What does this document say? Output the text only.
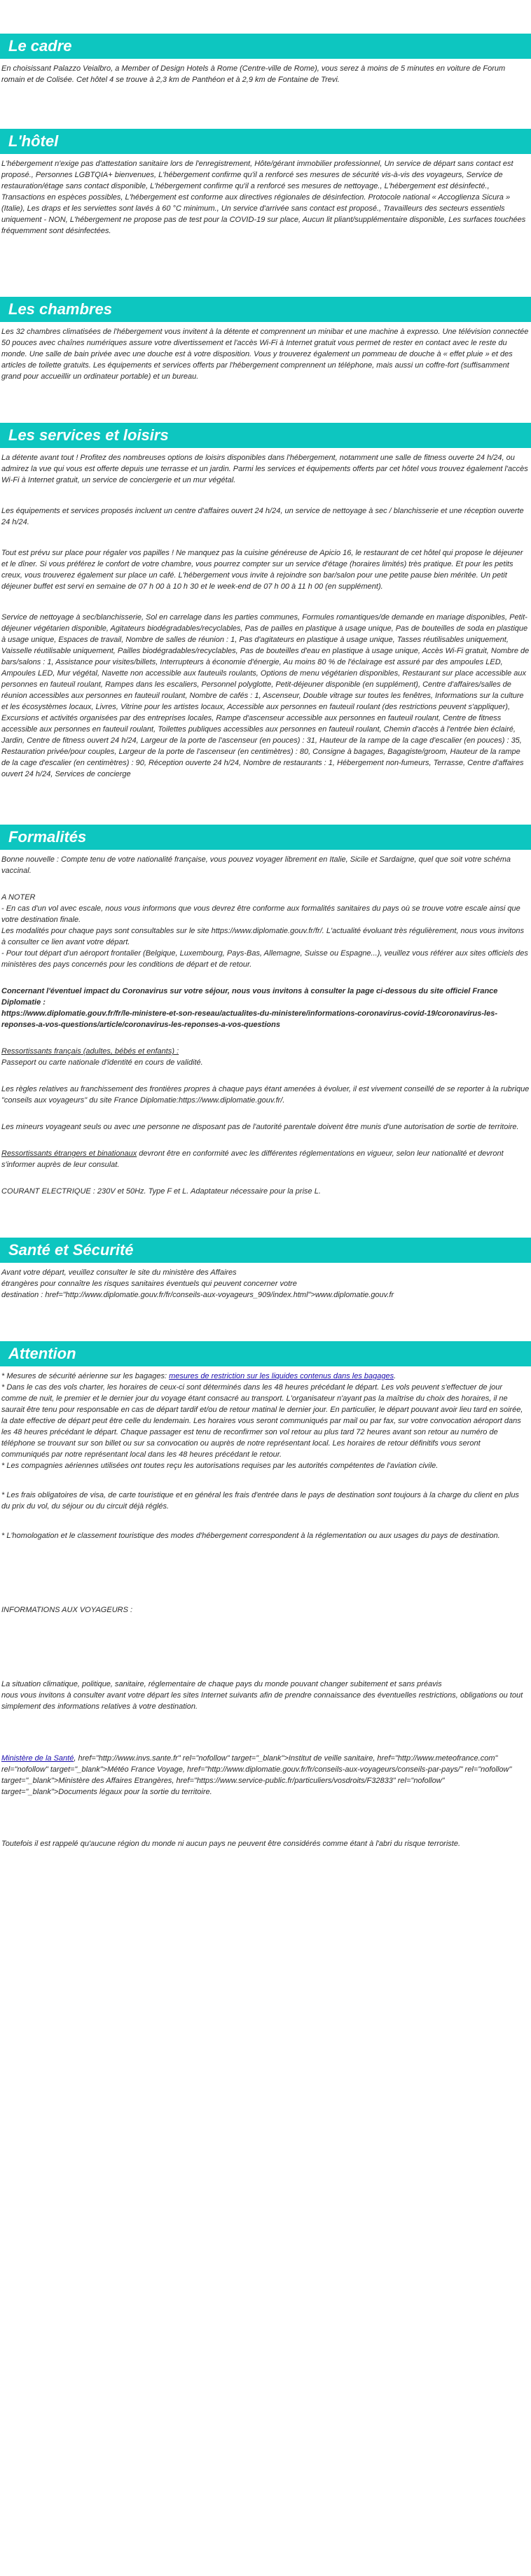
Le cadre

En choisissant Palazzo Veialbro, a Member of Design Hotels à Rome (Centre-ville de Rome), vous serez à moins de 5 minutes en voiture de Forum romain et de Colisée. Cet hôtel 4 se trouve à 2,3 km de Panthéon et à 2,9 km de Fontaine de Trevi.

L'hôtel

L'hébergement n'exige pas d'attestation sanitaire lors de l'enregistrement, Hôte/gérant immobilier professionnel, Un service de départ sans contact est proposé., Personnes LGBTQIA+ bienvenues, L'hébergement confirme qu'il a renforcé ses mesures de sécurité vis-à-vis des voyageurs, Service de restauration/étage sans contact disponible, L'hébergement confirme qu'il a renforcé ses mesures de nettoyage., L'hébergement est désinfecté., Transactions en espèces possibles, L'hébergement est conforme aux directives régionales de désinfection. Protocole national « Accoglienza Sicura » (Italie), Les draps et les serviettes sont lavés à 60 °C minimum., Un service d'arrivée sans contact est proposé., Travailleurs des secteurs essentiels uniquement - NON, L'hébergement ne propose pas de test pour la COVID-19 sur place, Aucun lit pliant/supplémentaire disponible, Les surfaces touchées fréquemment sont désinfectées.

Les chambres

Les 32 chambres climatisées de l'hébergement vous invitent à la détente et comprennent un minibar et une machine à expresso. Une télévision connectée 50 pouces avec chaînes numériques assure votre divertissement et l'accès Wi-Fi à Internet gratuit vous permet de rester en contact avec le reste du monde. Une salle de bain privée avec une douche est à votre disposition. Vous y trouverez également un pommeau de douche à « effet pluie » et des articles de toilette gratuits. Les équipements et services offerts par l'hébergement comprennent un téléphone, mais aussi un coffre-fort (suffisamment grand pour accueillir un ordinateur portable) et un bureau.

Les services et loisirs

La détente avant tout ! Profitez des nombreuses options de loisirs disponibles dans l'hébergement, notamment une salle de fitness ouverte 24 h/24, ou admirez la vue qui vous est offerte depuis une terrasse et un jardin. Parmi les services et équipements offerts par cet hôtel vous trouvez également l'accès Wi-Fi à Internet gratuit, un service de conciergerie et un mur végétal.

Les équipements et services proposés incluent un centre d'affaires ouvert 24 h/24, un service de nettoyage à sec / blanchisserie et une réception ouverte 24 h/24.

Tout est prévu sur place pour régaler vos papilles ! Ne manquez pas la cuisine généreuse de Apicio 16, le restaurant de cet hôtel qui propose le déjeuner et le dîner. Si vous préférez le confort de votre chambre, vous pourrez compter sur un service d'étage (horaires limités) très pratique. Et pour les petits creux, vous trouverez également sur place un café. L'hébergement vous invite à rejoindre son bar/salon pour une petite pause bien méritée. Un petit déjeuner buffet est servi en semaine de 07 h 00 à 10 h 30 et le week-end de 07 h 00 à 11 h 00 (en supplément).

Service de nettoyage à sec/blanchisserie, Sol en carrelage dans les parties communes, Formules romantiques/de demande en mariage disponibles, Petit-déjeuner végétarien disponible, Agitateurs biodégradables/recyclables, Pas de pailles en plastique à usage unique, Pas de bouteilles de soda en plastique à usage unique, Espaces de travail, Nombre de salles de réunion : 1, Pas d'agitateurs en plastique à usage unique, Tasses réutilisables uniquement, Vaisselle réutilisable uniquement, Pailles biodégradables/recyclables, Pas de bouteilles d'eau en plastique à usage unique, Accès Wi-Fi gratuit, Nombre de bars/salons : 1, Assistance pour visites/billets, Interrupteurs à économie d'énergie, Au moins 80 % de l'éclairage est assuré par des ampoules LED, Ampoules LED, Mur végétal, Navette non accessible aux fauteuils roulants, Options de menu végétarien disponibles, Restaurant sur place accessible aux personnes en fauteuil roulant, Rampes dans les escaliers, Personnel polyglotte, Petit-déjeuner disponible (en supplément), Centre d'affaires/salles de réunion accessibles aux personnes en fauteuil roulant, Nombre de cafés : 1, Ascenseur, Double vitrage sur toutes les fenêtres, Informations sur la culture et les écosystèmes locaux, Livres, Vitrine pour les artistes locaux, Accessible aux personnes en fauteuil roulant (des restrictions peuvent s'appliquer), Excursions et activités organisées par des entreprises locales, Rampe d'ascenseur accessible aux personnes en fauteuil roulant, Centre de fitness accessible aux personnes en fauteuil roulant, Toilettes publiques accessibles aux personnes en fauteuil roulant, Chemin d'accès à l'entrée bien éclairé, Jardin, Centre de fitness ouvert 24 h/24, Largeur de la porte de l'ascenseur (en pouces) : 31, Hauteur de la rampe de la cage d'escalier (en pouces) : 35, Restauration privée/pour couples, Largeur de la porte de l'ascenseur (en centimètres) : 80, Consigne à bagages, Bagagiste/groom, Hauteur de la rampe de la cage d'escalier (en centimètres) : 90, Réception ouverte 24 h/24, Nombre de restaurants : 1, Hébergement non-fumeurs, Terrasse, Centre d'affaires ouvert 24 h/24, Services de concierge

Formalités

Bonne nouvelle : Compte tenu de votre nationalité française, vous pouvez voyager librement en Italie, Sicile et Sardaigne, quel que soit votre schéma vaccinal.

A NOTER
- En cas d'un vol avec escale, nous vous informons que vous devrez être conforme aux formalités sanitaires du pays où se trouve votre escale ainsi que votre destination finale.
Les modalités pour chaque pays sont consultables sur le site https://www.diplomatie.gouv.fr/fr/. L'actualité évoluant très régulièrement, nous vous invitons à consulter ce lien avant votre départ.
- Pour tout départ d'un aéroport frontalier (Belgique, Luxembourg, Pays-Bas, Allemagne, Suisse ou Espagne...), veuillez vous référer aux sites officiels des ministères des pays concernés pour les conditions de départ et de retour.

Concernant l'éventuel impact du Coronavirus sur votre séjour, nous vous invitons à consulter la page ci-dessous du site officiel France Diplomatie :
https://www.diplomatie.gouv.fr/fr/le-ministere-et-son-reseau/actualites-du-ministere/informations-coronavirus-covid-19/coronavirus-les-reponses-a-vos-questions/article/coronavirus-les-reponses-a-vos-questions

Ressortissants français (adultes, bébés et enfants) :
Passeport ou carte nationale d'identité en cours de validité.

Les règles relatives au franchissement des frontières propres à chaque pays étant amenées à évoluer, il est vivement conseillé de se reporter à la rubrique "conseils aux voyageurs" du site France Diplomatie:https://www.diplomatie.gouv.fr/.

Les mineurs voyageant seuls ou avec une personne ne disposant pas de l'autorité parentale doivent être munis d'une autorisation de sortie de territoire.

Ressortissants étrangers et binationaux devront être en conformité avec les différentes réglementations en vigueur, selon leur nationalité et devront s'informer auprès de leur consulat.

COURANT ELECTRIQUE : 230V et 50Hz. Type F et L. Adaptateur nécessaire pour la prise L.

Santé et Sécurité

Avant votre départ, veuillez consulter le site du ministère des Affaires
étrangères pour connaître les risques sanitaires éventuels qui peuvent concerner votre
destination : href="http://www.diplomatie.gouv.fr/fr/conseils-aux-voyageurs_909/index.html">www.diplomatie.gouv.fr

Attention

* Mesures de sécurité aérienne sur les bagages: mesures de restriction sur les liquides contenus dans les bagages.

* Dans le cas des vols charter, les horaires de ceux-ci sont déterminés dans les 48 heures précédant le départ. Les vols peuvent s'effectuer de jour comme de nuit, le premier et le dernier jour du voyage étant consacré au transport. L'organisateur n'ayant pas la maîtrise du choix des horaires, il ne saurait être tenu pour responsable en cas de départ tardif et/ou de retour matinal le dernier jour. En particulier, le départ pouvant avoir lieu tard en soirée, la date effective de départ peut être celle du lendemain. Les horaires vous seront communiqués par mail ou par fax, sur votre convocation aéroport dans les 48 heures précédant le départ. Chaque passager est tenu de reconfirmer son vol retour au plus tard 72 heures avant son retour au numéro de téléphone se trouvant sur son billet ou sur sa convocation ou auprès de notre représentant local. Les horaires de retour définitifs vous seront communiqués par notre représentant local dans les 48 heures précédant le retour.
* Les compagnies aériennes utilisées ont toutes reçu les autorisations requises par les autorités compétentes de l'aviation civile.

* Les frais obligatoires de visa, de carte touristique et en général les frais d'entrée dans le pays de destination sont toujours à la charge du client en plus du prix du vol, du séjour ou du circuit déjà réglés.

* L'homologation et le classement touristique des modes d'hébergement correspondent à la réglementation ou aux usages du pays de destination.

INFORMATIONS AUX VOYAGEURS :

La situation climatique, politique, sanitaire, réglementaire de chaque pays du monde pouvant changer subitement et sans préavis
nous vous invitons à consulter avant votre départ les sites Internet suivants afin de prendre connaissance des éventuelles restrictions, obligations ou tout simplement des informations relatives à votre destination.

Ministère de la Santé, href="http://www.invs.sante.fr" rel="nofollow" target="_blank">Institut de veille sanitaire, href="http://www.meteofrance.com" rel="nofollow" target="_blank">Météo France Voyage, href="http://www.diplomatie.gouv.fr/fr/conseils-aux-voyageurs/conseils-par-pays/" rel="nofollow" target="_blank">Ministère des Affaires Etrangères, href="https://www.service-public.fr/particuliers/vosdroits/F32833" rel="nofollow" target="_blank">Documents légaux pour la sortie du territoire.

Toutefois il est rappelé qu'aucune région du monde ni aucun pays ne peuvent être considérés comme étant à l'abri du risque terroriste.
